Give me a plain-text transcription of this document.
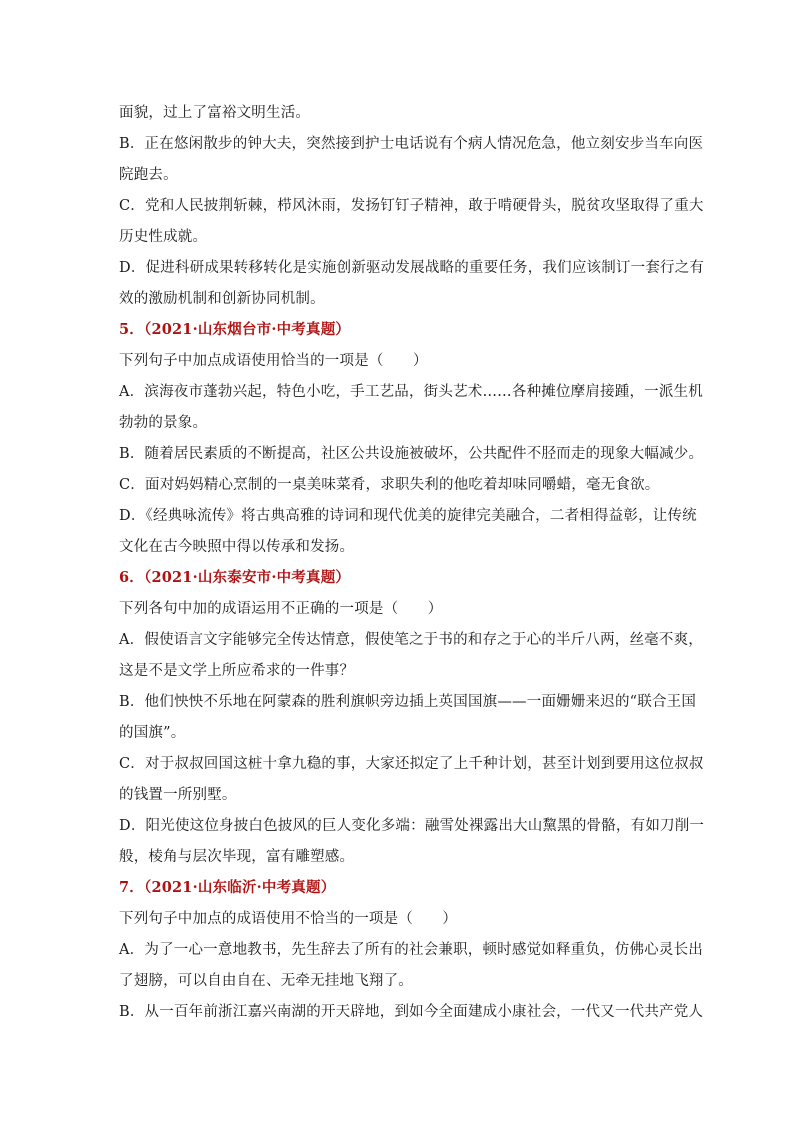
面貌，过上了富裕文明生活。
B．正在悠闲散步的钟大夫，突然接到护士电话说有个病人情况危急，他立刻安步当车向医
院跑去。
C．党和人民披荆斩棘，栉风沐雨，发扬钉钉子精神，敢于啃硬骨头，脱贫攻坚取得了重大
历史性成就。
D．促进科研成果转移转化是实施创新驱动发展战略的重要任务，我们应该制订一套行之有
效的激励机制和创新协同机制。
5．（2021·山东烟台市·中考真题）
下列句子中加点成语使用恰当的一项是（　　）
A．滨海夜市蓬勃兴起，特色小吃，手工艺品，街头艺术……各种摊位摩肩接踵，一派生机
勃勃的景象。
B．随着居民素质的不断提高，社区公共设施被破坏，公共配件不胫而走的现象大幅减少。
C．面对妈妈精心烹制的一桌美味菜肴，求职失利的他吃着却味同嚼蜡，毫无食欲。
D．《经典咏流传》将古典高雅的诗词和现代优美的旋律完美融合，二者相得益彰，让传统
文化在古今映照中得以传承和发扬。
6．（2021·山东泰安市·中考真题）
下列各句中加的成语运用不正确的一项是（　　）
A．假使语言文字能够完全传达情意，假使笔之于书的和存之于心的半斤八两，丝毫不爽，
这是不是文学上所应希求的一件事？
B．他们怏怏不乐地在阿蒙森的胜利旗帜旁边插上英国国旗——一面姗姗来迟的“联合王国
的国旗”。
C．对于叔叔回国这桩十拿九稳的事，大家还拟定了上千种计划，甚至计划到要用这位叔叔
的钱置一所别墅。
D．阳光使这位身披白色披风的巨人变化多端：融雪处裸露出大山黧黑的骨骼，有如刀削一
般，棱角与层次毕现，富有雕塑感。
7．（2021·山东临沂·中考真题）
下列句子中加点的成语使用不恰当的一项是（　　）
A．为了一心一意地教书，先生辞去了所有的社会兼职，顿时感觉如释重负，仿佛心灵长出
了翅膀，可以自由自在、无牵无挂地飞翔了。
B．从一百年前浙江嘉兴南湖的开天辟地，到如今全面建成小康社会，一代又一代共产党人
